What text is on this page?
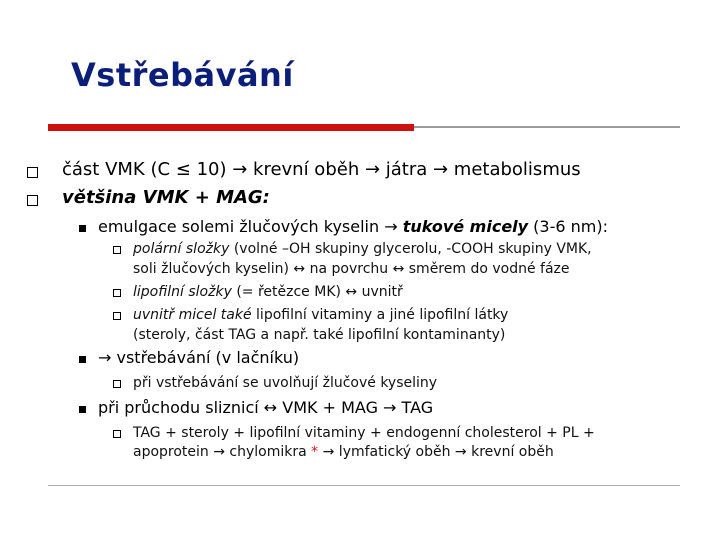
Vstřebávání
část VMK (C ≤ 10) → krevní oběh → játra → metabolismus
většina VMK + MAG:
emulgace solemi žlučových kyselin → tukové micely (3-6 nm):
polární složky (volné –OH skupiny glycerolu, -COOH skupiny VMK,
soli žlučových kyselin) ↔ na povrchu ↔ směrem do vodné fáze
lipofilní složky (= řetězce MK) ↔ uvnitř
uvnitř micel také lipofilní vitaminy a jiné lipofilní látky
(steroly, část TAG a např. také lipofilní kontaminanty)
→ vstřebávání (v lačníku)
při vstřebávání se uvolňují žlučové kyseliny
při průchodu sliznicí ↔ VMK + MAG → TAG
TAG + steroly + lipofilní vitaminy + endogenní cholesterol + PL +
apoprotein → chylomikra * → lymfatický oběh → krevní oběh
